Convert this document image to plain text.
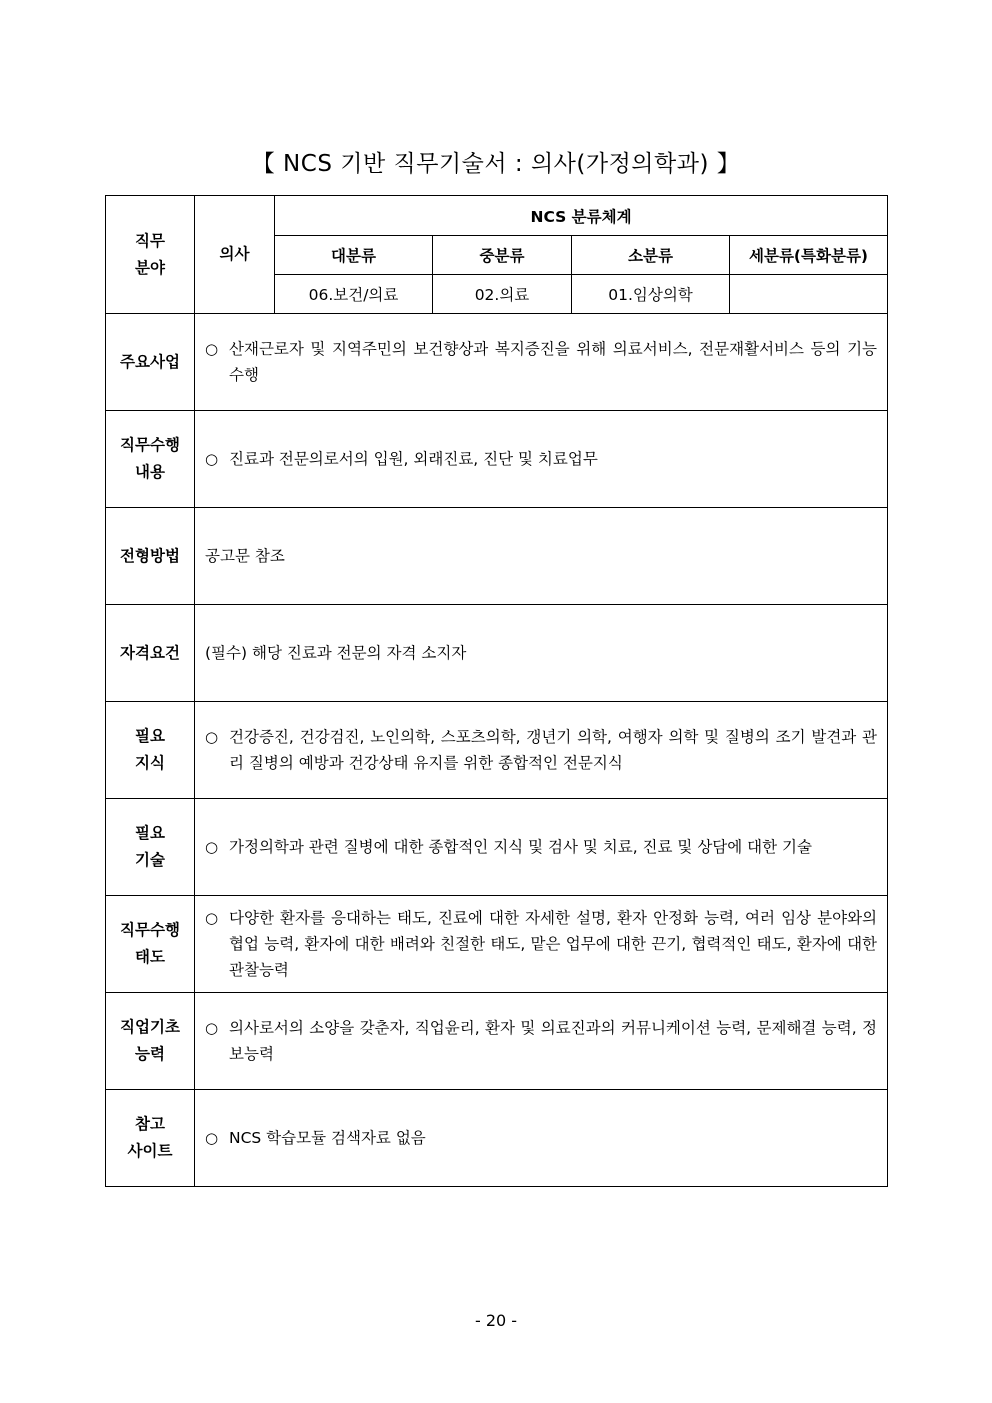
【 NCS 기반 직무기술서 : 의사(가정의학과) 】
직무
분야	의사	NCS 분류체계			
		대분류	중분류	소분류	세분류(특화분류)
		06.보건/의료	02.의료	01.임상의학	
주요사업	○ 산재근로자 및 지역주민의 보건향상과 복지증진을 위해 의료서비스, 전문재활서비스 등의 기능 수행				

직무수행
내용	○ 진료과 전문의로서의 입원, 외래진료, 진단 및 치료업무				

전형방법	공고문 참조				

자격요건	(필수) 해당 진료과 전문의 자격 소지자				

필요
지식	○ 건강증진, 건강검진, 노인의학, 스포츠의학, 갱년기 의학, 여행자 의학 및 질병의 조기 발견과 관리 질병의 예방과 건강상태 유지를 위한 종합적인 전문지식				

필요
기술	○ 가정의학과 관련 질병에 대한 종합적인 지식 및 검사 및 치료, 진료 및 상담에 대한 기술				

직무수행
태도	○ 다양한 환자를 응대하는 태도, 진료에 대한 자세한 설명, 환자 안정화 능력, 여러 임상 분야와의 협업 능력, 환자에 대한 배려와 친절한 태도, 맡은 업무에 대한 끈기, 협력적인 태도, 환자에 대한 관찰능력				

직업기초
능력	○ 의사로서의 소양을 갖춘자, 직업윤리, 환자 및 의료진과의 커뮤니케이션 능력, 문제해결 능력, 정보능력				

참고
사이트	○ NCS 학습모듈 검색자료 없음				
- 20 -
